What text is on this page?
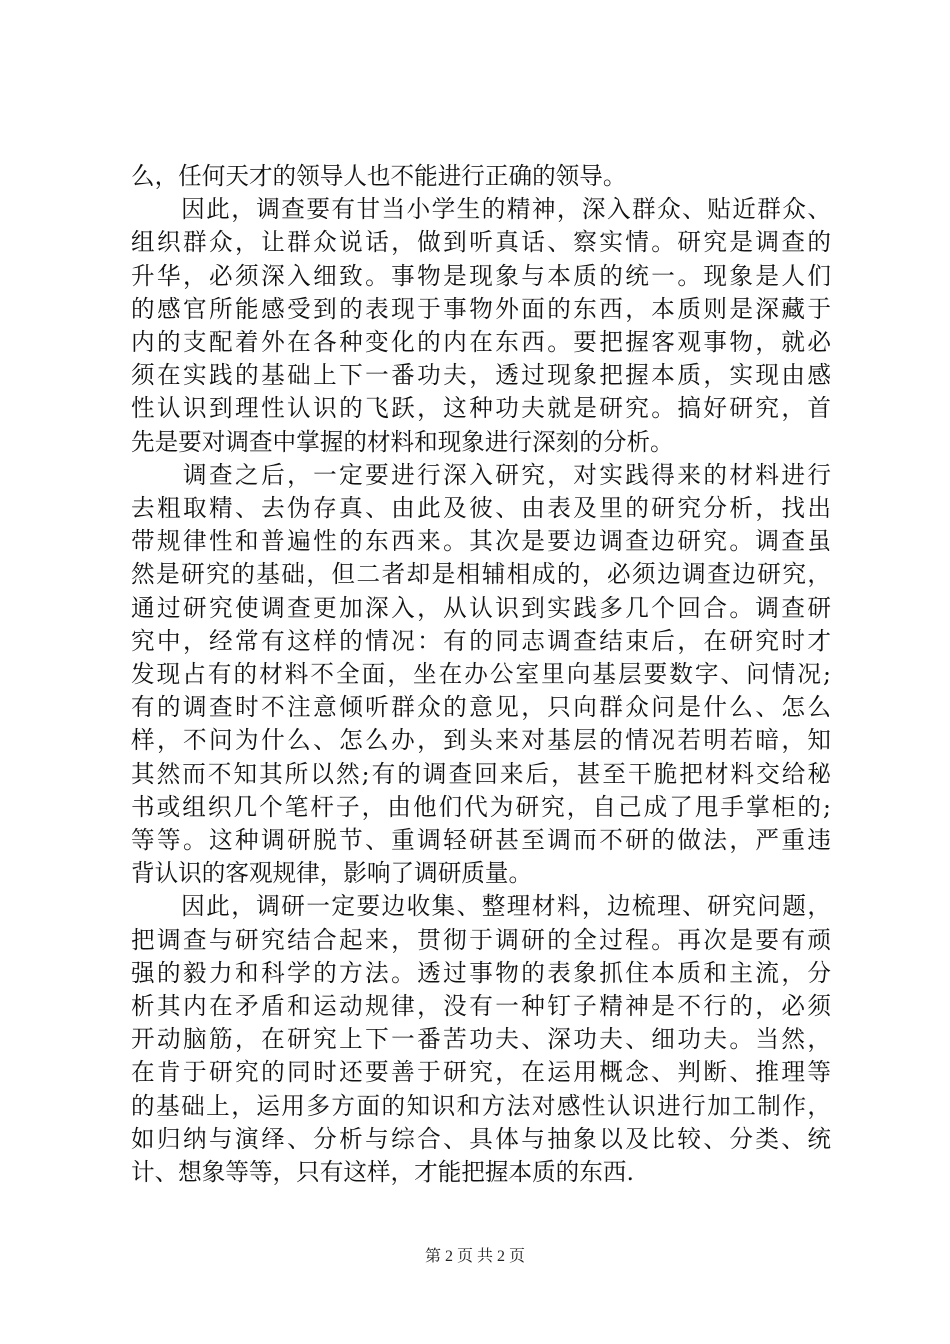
么，任何天才的领导人也不能进行正确的领导。
　　因此，调查要有甘当小学生的精神，深入群众、贴近群众、
组织群众，让群众说话，做到听真话、察实情。研究是调查的
升华，必须深入细致。事物是现象与本质的统一。现象是人们
的感官所能感受到的表现于事物外面的东西，本质则是深藏于
内的支配着外在各种变化的内在东西。要把握客观事物，就必
须在实践的基础上下一番功夫，透过现象把握本质，实现由感
性认识到理性认识的飞跃，这种功夫就是研究。搞好研究，首
先是要对调查中掌握的材料和现象进行深刻的分析。
　　调查之后，一定要进行深入研究，对实践得来的材料进行
去粗取精、去伪存真、由此及彼、由表及里的研究分析，找出
带规律性和普遍性的东西来。其次是要边调查边研究。调查虽
然是研究的基础，但二者却是相辅相成的，必须边调查边研究，
通过研究使调查更加深入，从认识到实践多几个回合。调查研
究中，经常有这样的情况：有的同志调查结束后，在研究时才
发现占有的材料不全面，坐在办公室里向基层要数字、问情况;
有的调查时不注意倾听群众的意见，只向群众问是什么、怎么
样，不问为什么、怎么办，到头来对基层的情况若明若暗，知
其然而不知其所以然;有的调查回来后，甚至干脆把材料交给秘
书或组织几个笔杆子，由他们代为研究，自己成了甩手掌柜的;
等等。这种调研脱节、重调轻研甚至调而不研的做法，严重违
背认识的客观规律，影响了调研质量。
　　因此，调研一定要边收集、整理材料，边梳理、研究问题，
把调查与研究结合起来，贯彻于调研的全过程。再次是要有顽
强的毅力和科学的方法。透过事物的表象抓住本质和主流，分
析其内在矛盾和运动规律，没有一种钉子精神是不行的，必须
开动脑筋，在研究上下一番苦功夫、深功夫、细功夫。当然，
在肯于研究的同时还要善于研究，在运用概念、判断、推理等
的基础上，运用多方面的知识和方法对感性认识进行加工制作，
如归纳与演绎、分析与综合、具体与抽象以及比较、分类、统
计、想象等等，只有这样，才能把握本质的东西.
第 2 页 共 2 页
